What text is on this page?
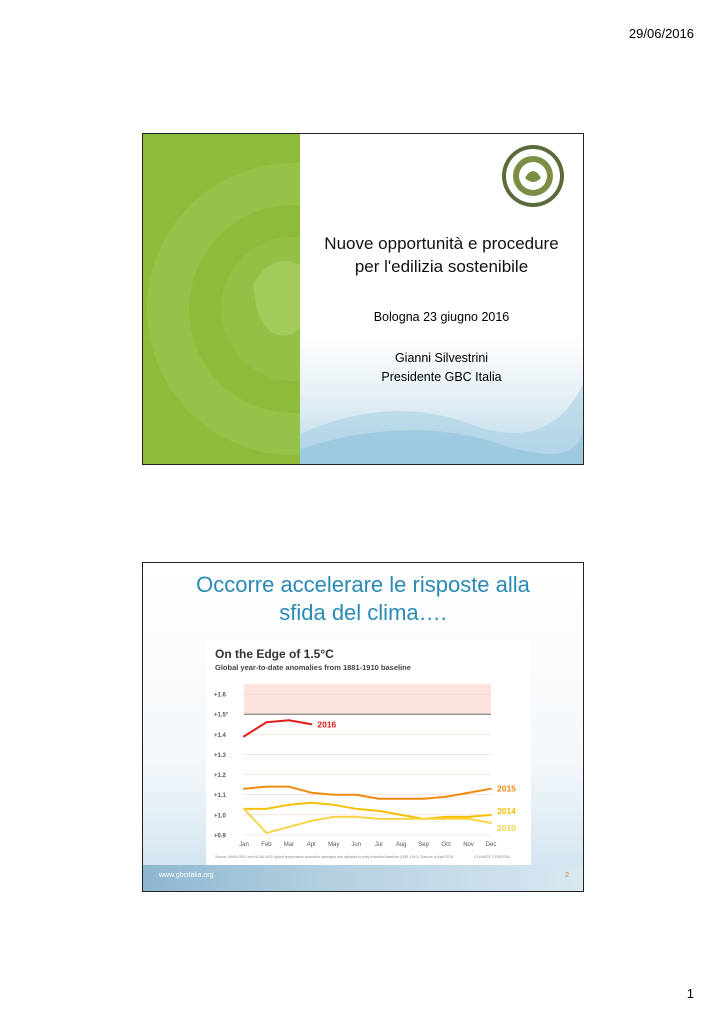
29/06/2016
Nuove opportunità e procedure
per l'edilizia sostenibile
Bologna 23 giugno 2016
Gianni Silvestrini
Presidente GBC Italia
Occorre accelerare le risposte alla
sfida del clima….
On the Edge of 1.5°C
Global year-to-date anomalies from 1881-1910 baseline
+0.9
+1.0
+1.1
+1.2
+1.3
+1.4
+1.5°
+1.6
Jan Feb Mar Apr May Jun Jul Aug Sep Oct Nov Dec
2016
2015
2014
2010
Source: NASA GISS and NOAA NCEI global temperature anomalies averaged and adjusted to early industrial baseline (1881-1910). Data as of April 2016.	CLIMATE CENTRAL
www.gbcitalia.org	2
1
